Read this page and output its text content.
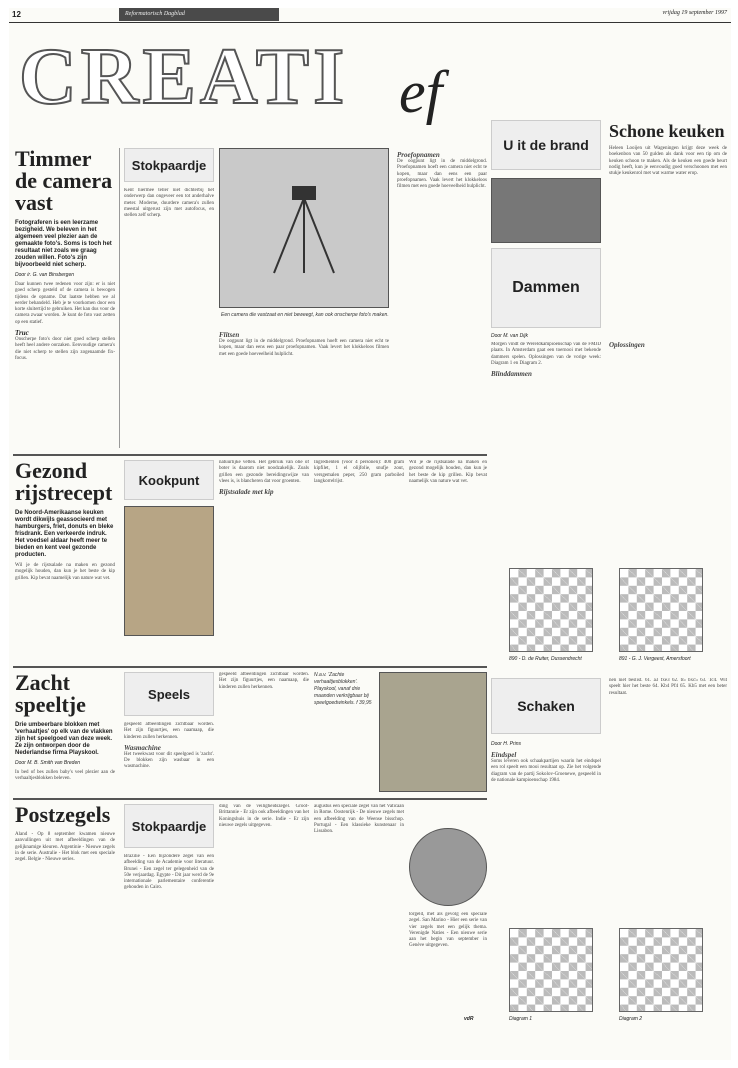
12	Reformatorisch Dagblad	vrijdag 19 september 1997
CREATI ef
Timmer de camera vast
Fotograferen is een leerzame bezigheid. We beleven in het algemeen veel plezier aan de gemaakte foto's. Soms is toch het resultaat niet zoals we graag zouden willen. Foto's zijn bijvoorbeeld niet scherp.
Door ir. G. van Binsbergen
Daar kunnen twee redenen voor zijn: er is niet goed scherp gesteld of de camera is bewogen tijdens de opname. Dat laatste hebben we al eerder behandeld. Heb je te voorkomen door een korte sluitertijd te gebruiken. Het kan dus voor de camera zwaar worden. Je kunt de foto vast zetten op een statief.
Truc
Onscherpe foto's door niet goed scherp stellen heeft heel andere oorzaken. Eenvoudige camera's die niet scherp te stellen zijn zogenaamde fix-focus.
Stokpaardje
Kent hiermee teller niet dichterbij het onderwerp dan ongeveer een tot anderhalve meter. Moderne, duurdere camera's zullen meestal uitgerust zijn met autofocus, en stellen zelf scherp.
Een camera die vastzaat en niet beweegt, kan ook onscherpe foto's maken.
Flitsen
De oogpunt ligt in de middelgrond. Proefopnamen hoeft een camera niet echt te kopen, maar dan eens een paar proefopnamen. Vaak levert het klokkeloos filmen met een goede hoeveelheid hulplicht.
Proefopnamen
De oogpunt ligt in de middelgrond. Proefopnamen hoeft een camera niet echt te kopen, maar dan eens een paar proefopnamen. Vaak levert het klokkeloos filmen met een goede hoeveelheid hulplicht.
U it de brand
Schone keuken
Heleen Looijen uit Wageningen krijgt deze week de boekenbon van 50 gulden als dank voor een tip om de keuken schoon te maken. Als de keuken een goede beurt nodig heeft, kun je eenvoudig goed verschoonen met een stukje keukenrol met wat warme water erop.
Dammen
Door M. van Dijk
Morgen vindt de Wereldkampioenschap van de FMJD plaats. In Amsterdam gaat een toernooi met bekende dammers spelen. Oplossingen van de vorige week: Diagram 1 en Diagram 2.
Blinddammen
Oplossingen
890 - D. de Ruiter, Dussendrecht	891 - G. J. Vergeest, Amersfoort
Gezond rijstrecept
De Noord-Amerikaanse keuken wordt dikwijls geassocieerd met hamburgers, friet, donuts en bleke frisdrank. Een verkeerde indruk. Het voedsel aldaar heeft meer te bieden en kent veel gezonde producten.
Wil je de rijstsalade na maken en gezond mogelijk houden, dan kun je het beste de kip grillen. Kip bevat naamelijk van nature wat vet.
Kookpunt
natuurlijke vetten. Het gebruik van olie of boter is daarom niet noodzakelijk. Zoals grillen een gezonde bereidingswijze van vlees is, is blancheren dat voor groenten.
Rijstsalade met kip
Ingredienten (voor 4 personen): 400 gram kipfilet, 1 el olijfolie, snufje zout, versgemalen peper, 250 gram parboiled langkorrelrijst.
Wil je de rijstsalade na maken en gezond mogelijk houden, dan kun je het beste de kip grillen. Kip bevat naamelijk van nature wat vet.
Zacht speeltje
Drie umbeerbare blokken met 'verhaaltjes' op elk van de vlakken zijn het speelgoed van deze week. Ze zijn ontworpen door de Nederlandse firma Playskool.
Door M. B. Smith van Breden
In bed of bes zullen baby's veel plezier aan de verhaaltjesblokken beleven.
Speels
gespeeld afbeeldingen zichtbaar worden. Het zijn figuurtjes, een naamaap, die kinderen zullen herkennen.
Wasmachine
Het tweekwast voor dit speelgoed is 'zacht'. De blokken zijn wasbaar in een wasmachine.
gespeeld afbeeldingen zichtbaar worden. Het zijn figuurtjes, een naamaap, die kinderen zullen herkennen.
N.a.v. 'Zachte verhaaltjesblokken'. Playskool, vanaf drie maanden verkrijgbaar bij speelgoedwinkels. f 39,95
Postzegels
Aland - Op 8 september kwamen nieuwe aanvullingen uit met afbeeldingen van de gelijknamige kleuren. Argentinie - Nieuwe zegels in de serie. Australie - Het blok met een speciale zegel. Belgie - Nieuwe series.
Stokpaardje
Brazilie - Een bijzondere zegel van een afbeelding van de Academie voor literatuur. Brunei - Een zegel ter gelegenheid van de 50e verjaardag. Egypte - Dit jaar werd de 9e internationale parlementaire conferentie gehouden in Cairo.
ding van de veiligheidszegel. Groot-Brittannie - Er zijn ook afbeeldingen van het Koningshuis in de serie. Indie - Er zijn nieuwe zegels uitgegeven.
augustus een speciale zegel van het Vaticaan in Rome. Oostenrijk - De nieuwe zegels met een afbeelding van de Weense bisschop. Portugal - Een klassieke kunstenaar in Lissabon.
torgeld, met als gevolg een speciale zegel. San Marino - Hier een serie van vier zegels met een gelijk thema. Verenigde Naties - Een nieuwe serie aan het begin van september in Genève uitgegeven.
Schaken
Door H. Prins
Eindspel
Soms leveren ook schaakpartijen waarin het eindspel een rol speelt een mooi resultaat op. Zie het volgende diagram van de partij Sokolov-Groenewe, gespeeld in de nationale kampioenschap 1984.
nen niet beslist. 61. a3 fxe3 62. b5 bxc5 63. Tc4. Wit speelt hier het beste 64. Kb4 Pf4 65. Kb5 met een beter resultaat.
Diagram 1	Diagram 2
vdR
